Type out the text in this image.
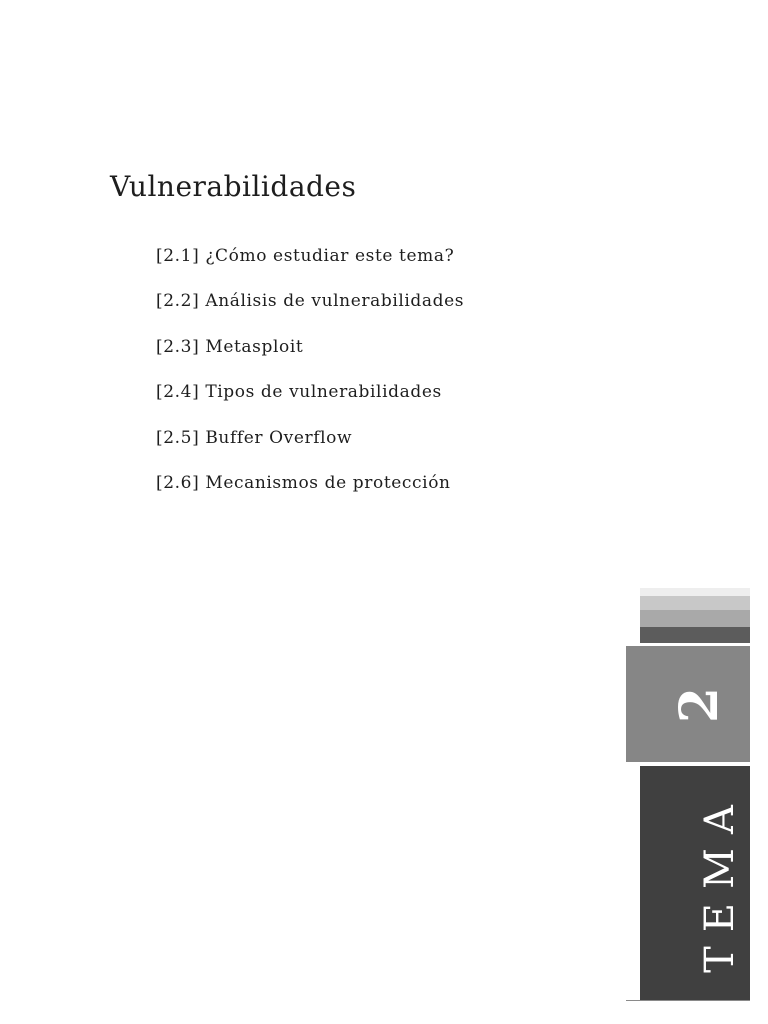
Vulnerabilidades
[2.1] ¿Cómo estudiar este tema?
[2.2] Análisis de vulnerabilidades
[2.3] Metasploit
[2.4] Tipos de vulnerabilidades
[2.5] Buffer Overflow
[2.6] Mecanismos de protección
2
TEMA
